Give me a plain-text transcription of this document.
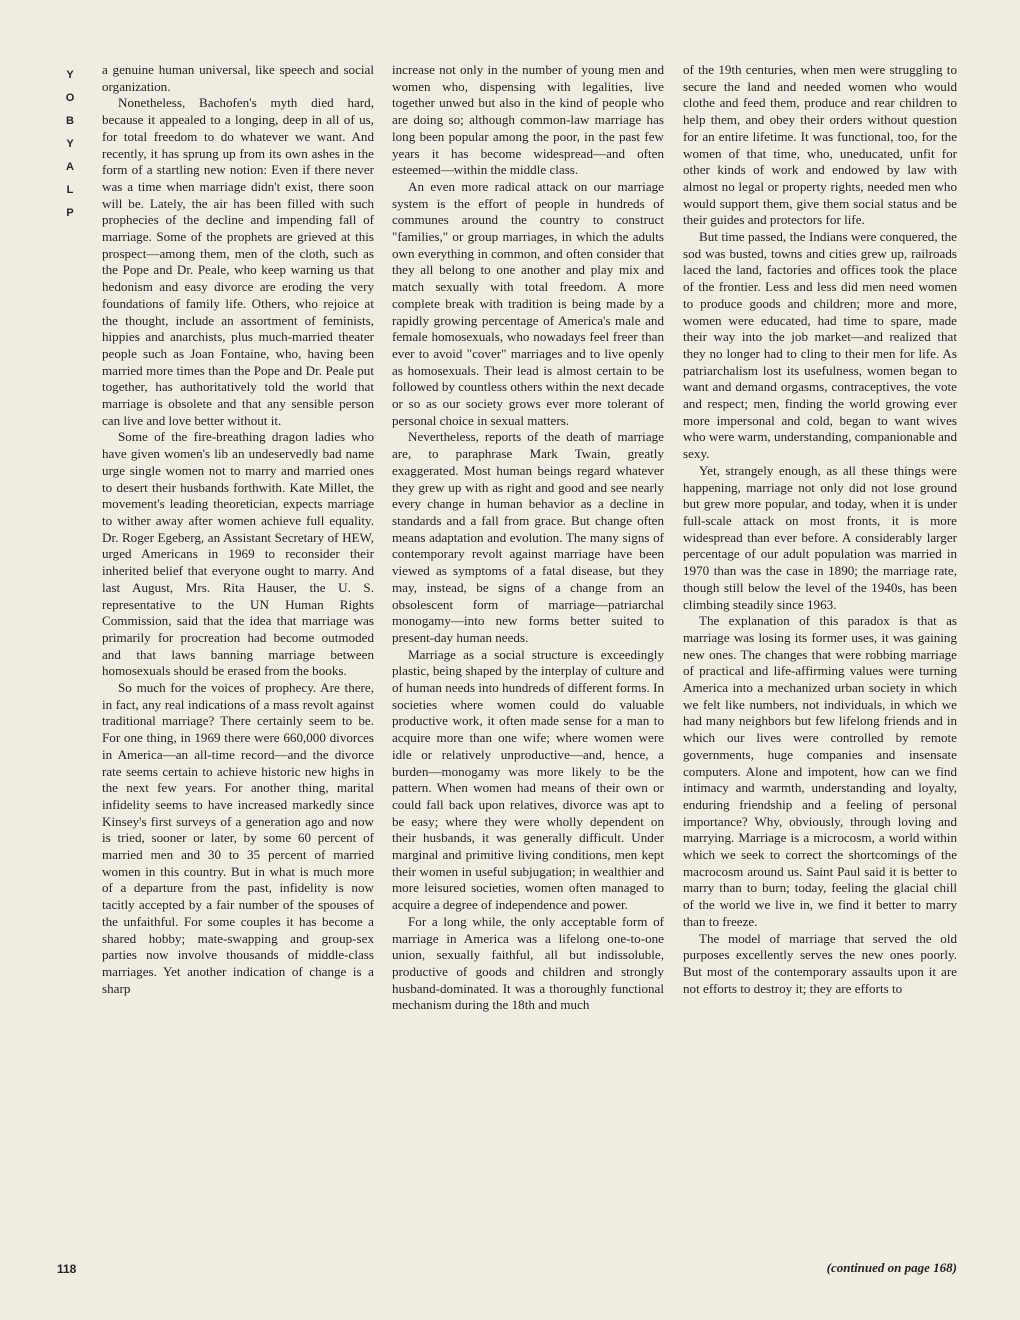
Y
O
B
Y
A
L
P
118

a genuine human universal, like speech and social organization.

Nonetheless, Bachofen's myth died hard, because it appealed to a longing, deep in all of us, for total freedom to do whatever we want. And recently, it has sprung up from its own ashes in the form of a startling new notion: Even if there never was a time when marriage didn't exist, there soon will be. Lately, the air has been filled with such prophecies of the decline and impending fall of marriage. Some of the prophets are grieved at this prospect—among them, men of the cloth, such as the Pope and Dr. Peale, who keep warning us that hedonism and easy divorce are eroding the very foundations of family life. Others, who rejoice at the thought, include an assortment of feminists, hippies and anarchists, plus much-married theater people such as Joan Fontaine, who, having been married more times than the Pope and Dr. Peale put together, has authoritatively told the world that marriage is obsolete and that any sensible person can live and love better without it.

Some of the fire-breathing dragon ladies who have given women's lib an undeservedly bad name urge single women not to marry and married ones to desert their husbands forthwith. Kate Millet, the movement's leading theoretician, expects marriage to wither away after women achieve full equality. Dr. Roger Egeberg, an Assistant Secretary of HEW, urged Americans in 1969 to reconsider their inherited belief that everyone ought to marry. And last August, Mrs. Rita Hauser, the U. S. representative to the UN Human Rights Commission, said that the idea that marriage was primarily for procreation had become outmoded and that laws banning marriage between homosexuals should be erased from the books.

So much for the voices of prophecy. Are there, in fact, any real indications of a mass revolt against traditional marriage? There certainly seem to be. For one thing, in 1969 there were 660,000 divorces in America—an all-time record—and the divorce rate seems certain to achieve historic new highs in the next few years. For another thing, marital infidelity seems to have increased markedly since Kinsey's first surveys of a generation ago and now is tried, sooner or later, by some 60 percent of married men and 30 to 35 percent of married women in this country. But in what is much more of a departure from the past, infidelity is now tacitly accepted by a fair number of the spouses of the unfaithful. For some couples it has become a shared hobby; mate-swapping and group-sex parties now involve thousands of middle-class marriages. Yet another indication of change is a sharp

increase not only in the number of young men and women who, dispensing with legalities, live together unwed but also in the kind of people who are doing so; although common-law marriage has long been popular among the poor, in the past few years it has become widespread—and often esteemed—within the middle class.

An even more radical attack on our marriage system is the effort of people in hundreds of communes around the country to construct "families," or group marriages, in which the adults own everything in common, and often consider that they all belong to one another and play mix and match sexually with total freedom. A more complete break with tradition is being made by a rapidly growing percentage of America's male and female homosexuals, who nowadays feel freer than ever to avoid "cover" marriages and to live openly as homosexuals. Their lead is almost certain to be followed by countless others within the next decade or so as our society grows ever more tolerant of personal choice in sexual matters.

Nevertheless, reports of the death of marriage are, to paraphrase Mark Twain, greatly exaggerated. Most human beings regard whatever they grew up with as right and good and see nearly every change in human behavior as a decline in standards and a fall from grace. But change often means adaptation and evolution. The many signs of contemporary revolt against marriage have been viewed as symptoms of a fatal disease, but they may, instead, be signs of a change from an obsolescent form of marriage—patriarchal monogamy—into new forms better suited to present-day human needs.

Marriage as a social structure is exceedingly plastic, being shaped by the interplay of culture and of human needs into hundreds of different forms. In societies where women could do valuable productive work, it often made sense for a man to acquire more than one wife; where women were idle or relatively unproductive—and, hence, a burden—monogamy was more likely to be the pattern. When women had means of their own or could fall back upon relatives, divorce was apt to be easy; where they were wholly dependent on their husbands, it was generally difficult. Under marginal and primitive living conditions, men kept their women in useful subjugation; in wealthier and more leisured societies, women often managed to acquire a degree of independence and power.

For a long while, the only acceptable form of marriage in America was a lifelong one-to-one union, sexually faithful, all but indissoluble, productive of goods and children and strongly husband-dominated. It was a thoroughly functional mechanism during the 18th and much

of the 19th centuries, when men were struggling to secure the land and needed women who would clothe and feed them, produce and rear children to help them, and obey their orders without question for an entire lifetime. It was functional, too, for the women of that time, who, uneducated, unfit for other kinds of work and endowed by law with almost no legal or property rights, needed men who would support them, give them social status and be their guides and protectors for life.

But time passed, the Indians were conquered, the sod was busted, towns and cities grew up, railroads laced the land, factories and offices took the place of the frontier. Less and less did men need women to produce goods and children; more and more, women were educated, had time to spare, made their way into the job market—and realized that they no longer had to cling to their men for life. As patriarchalism lost its usefulness, women began to want and demand orgasms, contraceptives, the vote and respect; men, finding the world growing ever more impersonal and cold, began to want wives who were warm, understanding, companionable and sexy.

Yet, strangely enough, as all these things were happening, marriage not only did not lose ground but grew more popular, and today, when it is under full-scale attack on most fronts, it is more widespread than ever before. A considerably larger percentage of our adult population was married in 1970 than was the case in 1890; the marriage rate, though still below the level of the 1940s, has been climbing steadily since 1963.

The explanation of this paradox is that as marriage was losing its former uses, it was gaining new ones. The changes that were robbing marriage of practical and life-affirming values were turning America into a mechanized urban society in which we felt like numbers, not individuals, in which we had many neighbors but few lifelong friends and in which our lives were controlled by remote governments, huge companies and insensate computers. Alone and impotent, how can we find intimacy and warmth, understanding and loyalty, enduring friendship and a feeling of personal importance? Why, obviously, through loving and marrying. Marriage is a microcosm, a world within which we seek to correct the shortcomings of the macrocosm around us. Saint Paul said it is better to marry than to burn; today, feeling the glacial chill of the world we live in, we find it better to marry than to freeze.

The model of marriage that served the old purposes excellently serves the new ones poorly. But most of the contemporary assaults upon it are not efforts to destroy it; they are efforts to

(continued on page 168)
